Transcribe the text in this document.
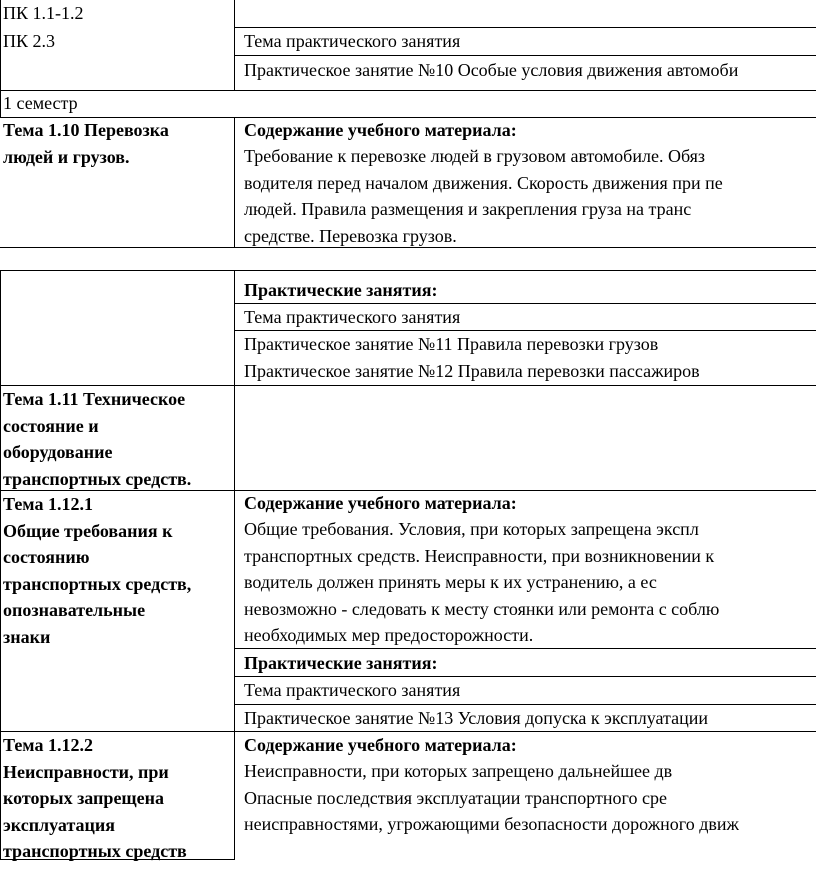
ПК 1.1-1.2
ПК 2.3	Тема практического занятия
Практическое занятие №10 Особые условия движения автомоби
1 семестр
Тема 1.10 Перевозка
людей и грузов.
Содержание учебного материала:
Требование к перевозке людей в грузовом автомобиле. Обяз
водителя перед началом движения. Скорость движения при пе
людей. Правила размещения и закрепления груза на транс
средстве. Перевозка грузов.
Практические занятия:
Тема практического занятия
Практическое занятие №11 Правила перевозки грузов
Практическое занятие №12 Правила перевозки пассажиров
Тема 1.11 Техническое
состояние и
оборудование
транспортных средств.
Тема 1.12.1
Общие требования к
состоянию
транспортных средств,
опознавательные
знаки
Содержание учебного материала:
Общие требования. Условия, при которых запрещена экспл
транспортных средств. Неисправности, при возникновении к
водитель должен принять меры к их устранению, а ес
невозможно - следовать к месту стоянки или ремонта с соблю
необходимых мер предосторожности.
Практические занятия:
Тема практического занятия
Практическое занятие №13 Условия допуска к эксплуатации
Тема 1.12.2
Неисправности, при
которых запрещена
эксплуатация
транспортных средств
Содержание учебного материала:
Неисправности, при которых запрещено дальнейшее дв
Опасные последствия эксплуатации транспортного сре
неисправностями, угрожающими безопасности дорожного движ
